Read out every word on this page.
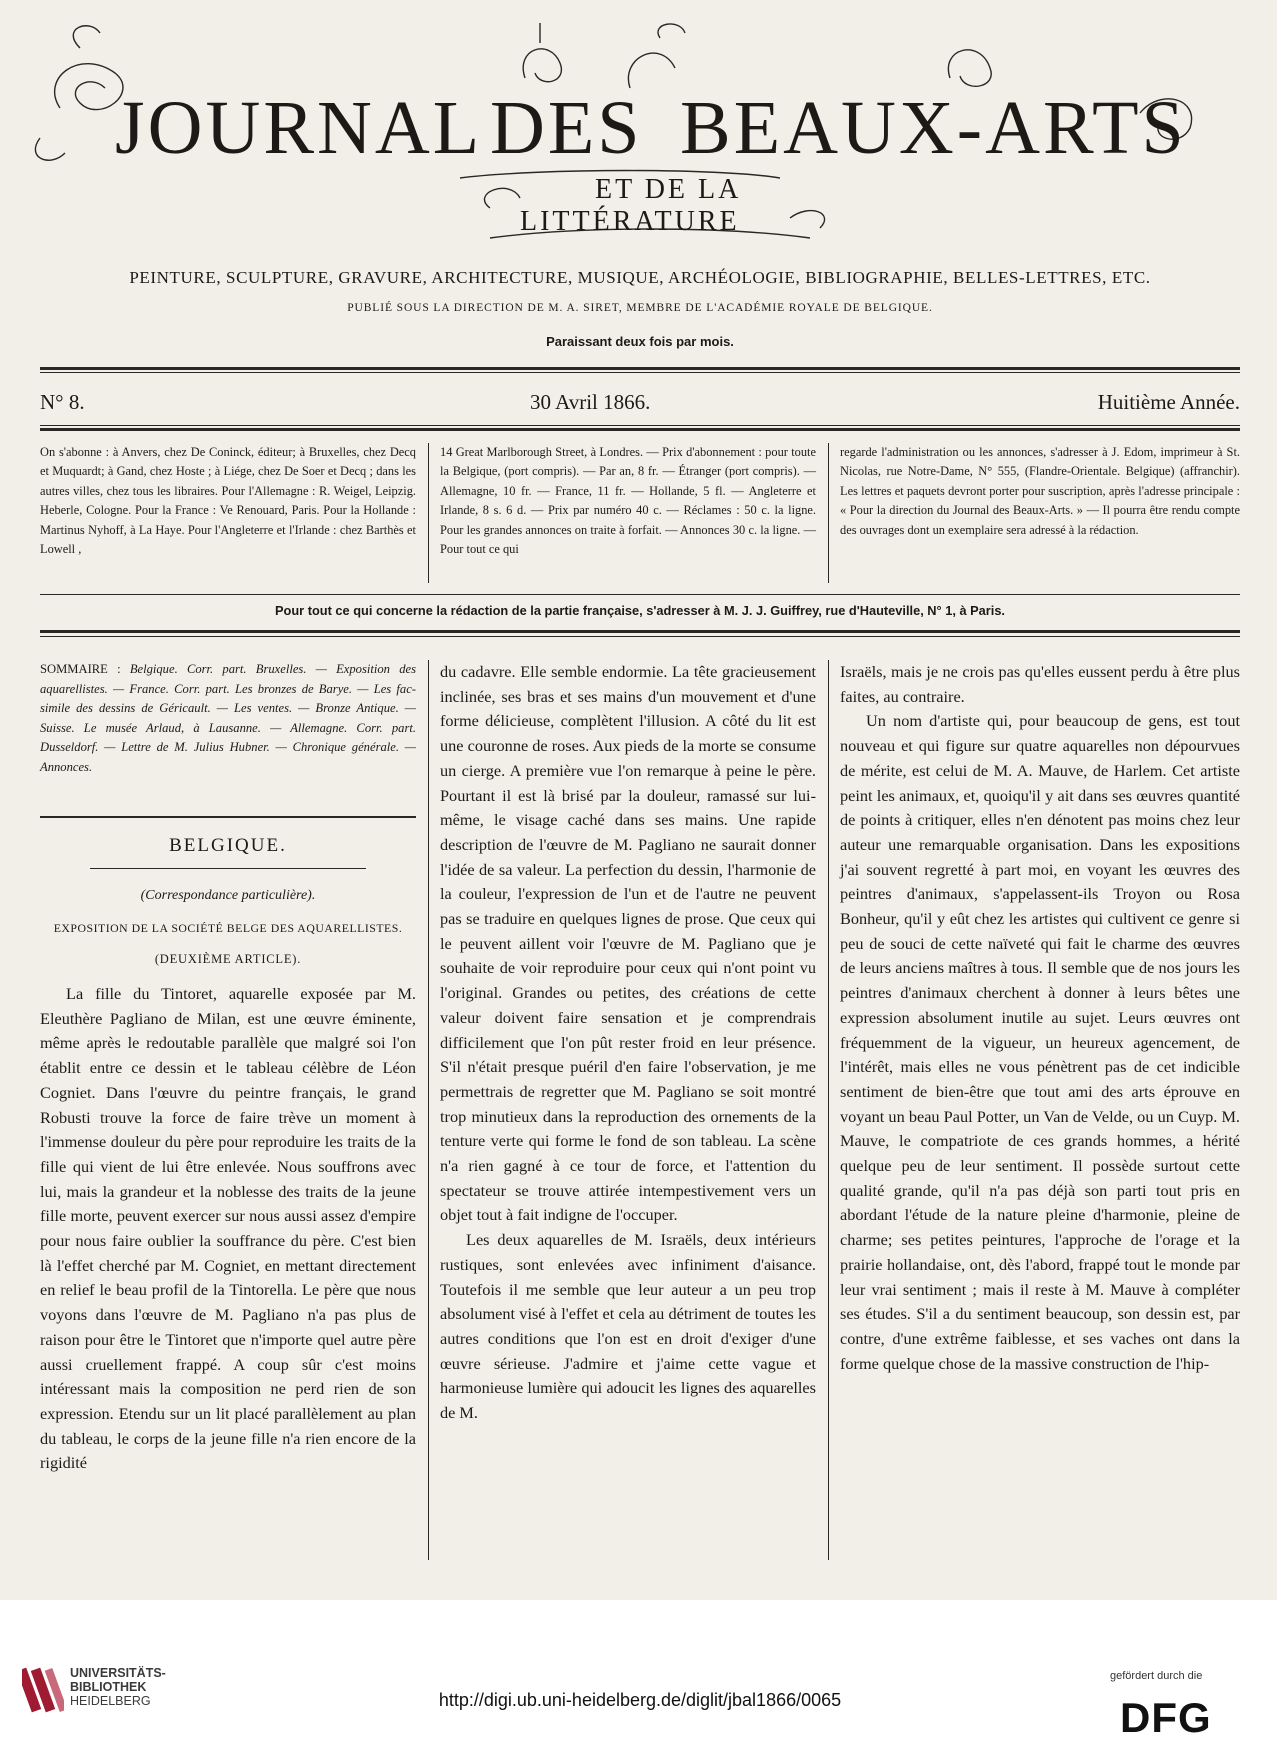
JOURNAL DES BEAUX-ARTS
ET DE LA
LITTÉRATURE
PEINTURE, SCULPTURE, GRAVURE, ARCHITECTURE, MUSIQUE, ARCHÉOLOGIE, BIBLIOGRAPHIE, BELLES-LETTRES, ETC.
PUBLIÉ SOUS LA DIRECTION DE M. A. SIRET, MEMBRE DE L'ACADÉMIE ROYALE DE BELGIQUE.
Paraissant deux fois par mois.
N° 8.	30 Avril 1866.	Huitième Année.
On s'abonne : à Anvers, chez De Coninck, éditeur; à Bruxelles, chez Decq et Muquardt; à Gand, chez Hoste ; à Liége, chez De Soer et Decq ; dans les autres villes, chez tous les libraires. Pour l'Allemagne : R. Weigel, Leipzig. Heberle, Cologne. Pour la France : Ve Renouard, Paris. Pour la Hollande : Martinus Nyhoff, à La Haye. Pour l'Angleterre et l'Irlande : chez Barthès et Lowell ,
14 Great Marlborough Street, à Londres. — Prix d'abonnement : pour toute la Belgique, (port compris). — Par an, 8 fr. — Étranger (port compris). — Allemagne, 10 fr. — France, 11 fr. — Hollande, 5 fl. — Angleterre et Irlande, 8 s. 6 d. — Prix par numéro 40 c. — Réclames : 50 c. la ligne. Pour les grandes annonces on traite à forfait. — Annonces 30 c. la ligne. — Pour tout ce qui
regarde l'administration ou les annonces, s'adresser à J. Edom, imprimeur à St. Nicolas, rue Notre-Dame, N° 555, (Flandre-Orientale. Belgique) (affranchir). Les lettres et paquets devront porter pour suscription, après l'adresse principale : « Pour la direction du Journal des Beaux-Arts. » — Il pourra être rendu compte des ouvrages dont un exemplaire sera adressé à la rédaction.
Pour tout ce qui concerne la rédaction de la partie française, s'adresser à M. J. J. Guiffrey, rue d'Hauteville, N° 1, à Paris.
SOMMAIRE : Belgique. Corr. part. Bruxelles. — Exposition des aquarellistes. — France. Corr. part. Les bronzes de Barye. — Les fac-simile des dessins de Géricault. — Les ventes. — Bronze Antique. — Suisse. Le musée Arlaud, à Lausanne. — Allemagne. Corr. part. Dusseldorf. — Lettre de M. Julius Hubner. — Chronique générale. — Annonces.
BELGIQUE.
(Correspondance particulière).
EXPOSITION DE LA SOCIÉTÉ BELGE DES AQUARELLISTES.
(DEUXIÈME ARTICLE).

La fille du Tintoret, aquarelle exposée par M. Eleuthère Pagliano de Milan, est une œuvre éminente, même après le redoutable parallèle que malgré soi l'on établit entre ce dessin et le tableau célèbre de Léon Cogniet. Dans l'œuvre du peintre français, le grand Robusti trouve la force de faire trève un moment à l'immense douleur du père pour reproduire les traits de la fille qui vient de lui être enlevée. Nous souffrons avec lui, mais la grandeur et la noblesse des traits de la jeune fille morte, peuvent exercer sur nous aussi assez d'empire pour nous faire oublier la souffrance du père. C'est bien là l'effet cherché par M. Cogniet, en mettant directement en relief le beau profil de la Tintorella. Le père que nous voyons dans l'œuvre de M. Pagliano n'a pas plus de raison pour être le Tintoret que n'importe quel autre père aussi cruellement frappé. A coup sûr c'est moins intéressant mais la composition ne perd rien de son expression. Etendu sur un lit placé parallèlement au plan du tableau, le corps de la jeune fille n'a rien encore de la rigidité

du cadavre. Elle semble endormie. La tête gracieusement inclinée, ses bras et ses mains d'un mouvement et d'une forme délicieuse, complètent l'illusion. A côté du lit est une couronne de roses. Aux pieds de la morte se consume un cierge. A première vue l'on remarque à peine le père. Pourtant il est là brisé par la douleur, ramassé sur lui-même, le visage caché dans ses mains. Une rapide description de l'œuvre de M. Pagliano ne saurait donner l'idée de sa valeur. La perfection du dessin, l'harmonie de la couleur, l'expression de l'un et de l'autre ne peuvent pas se traduire en quelques lignes de prose. Que ceux qui le peuvent aillent voir l'œuvre de M. Pagliano que je souhaite de voir reproduire pour ceux qui n'ont point vu l'original. Grandes ou petites, des créations de cette valeur doivent faire sensation et je comprendrais difficilement que l'on pût rester froid en leur présence. S'il n'était presque puéril d'en faire l'observation, je me permettrais de regretter que M. Pagliano se soit montré trop minutieux dans la reproduction des ornements de la tenture verte qui forme le fond de son tableau. La scène n'a rien gagné à ce tour de force, et l'attention du spectateur se trouve attirée intempestivement vers un objet tout à fait indigne de l'occuper.

Les deux aquarelles de M. Israëls, deux intérieurs rustiques, sont enlevées avec infiniment d'aisance. Toutefois il me semble que leur auteur a un peu trop absolument visé à l'effet et cela au détriment de toutes les autres conditions que l'on est en droit d'exiger d'une œuvre sérieuse. J'admire et j'aime cette vague et harmonieuse lumière qui adoucit les lignes des aquarelles de M.

Israëls, mais je ne crois pas qu'elles eussent perdu à être plus faites, au contraire.

Un nom d'artiste qui, pour beaucoup de gens, est tout nouveau et qui figure sur quatre aquarelles non dépourvues de mérite, est celui de M. A. Mauve, de Harlem. Cet artiste peint les animaux, et, quoiqu'il y ait dans ses œuvres quantité de points à critiquer, elles n'en dénotent pas moins chez leur auteur une remarquable organisation. Dans les expositions j'ai souvent regretté à part moi, en voyant les œuvres des peintres d'animaux, s'appelassent-ils Troyon ou Rosa Bonheur, qu'il y eût chez les artistes qui cultivent ce genre si peu de souci de cette naïveté qui fait le charme des œuvres de leurs anciens maîtres à tous. Il semble que de nos jours les peintres d'animaux cherchent à donner à leurs bêtes une expression absolument inutile au sujet. Leurs œuvres ont fréquemment de la vigueur, un heureux agencement, de l'intérêt, mais elles ne vous pénètrent pas de cet indicible sentiment de bien-être que tout ami des arts éprouve en voyant un beau Paul Potter, un Van de Velde, ou un Cuyp. M. Mauve, le compatriote de ces grands hommes, a hérité quelque peu de leur sentiment. Il possède surtout cette qualité grande, qu'il n'a pas déjà son parti tout pris en abordant l'étude de la nature pleine d'harmonie, pleine de charme; ses petites peintures, l'approche de l'orage et la prairie hollandaise, ont, dès l'abord, frappé tout le monde par leur vrai sentiment ; mais il reste à M. Mauve à compléter ses études. S'il a du sentiment beaucoup, son dessin est, par contre, d'une extrême faiblesse, et ses vaches ont dans la forme quelque chose de la massive construction de l'hip-

UNIVERSITÄTS-
BIBLIOTHEK
HEIDELBERG	http://digi.ub.uni-heidelberg.de/diglit/jbal1866/0065
gefördert durch die
DFG
